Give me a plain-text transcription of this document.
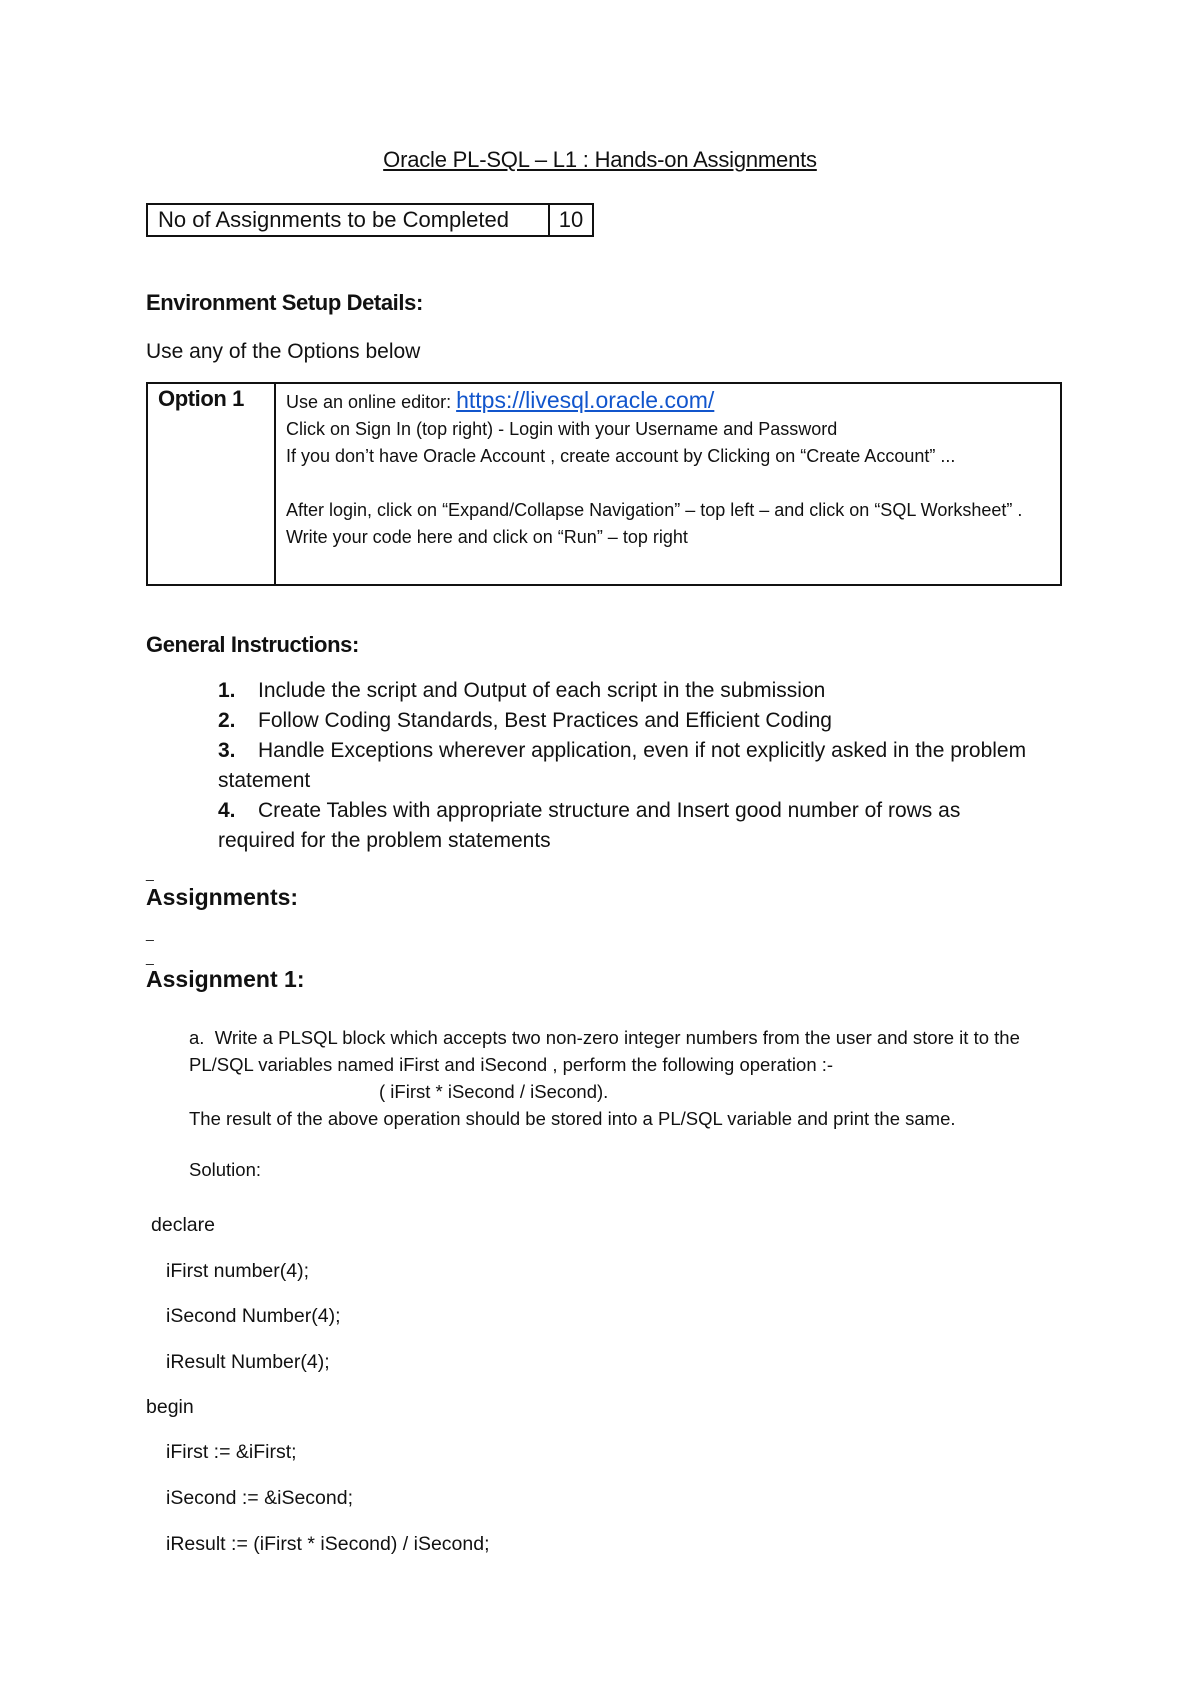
Oracle PL-SQL – L1 : Hands-on Assignments
No of Assignments to be Completed	10
Environment Setup Details:
Use any of the Options below
Option 1	Use an online editor: https://livesql.oracle.com/
Click on Sign In (top right) - Login with your Username and Password
If you don’t have Oracle Account , create account by Clicking on “Create Account” ...
After login, click on “Expand/Collapse Navigation” – top left – and click on “SQL Worksheet” . Write your code here and click on “Run” – top right
General Instructions:
1. Include the script and Output of each script in the submission
2. Follow Coding Standards, Best Practices and Efficient Coding
3. Handle Exceptions wherever application, even if not explicitly asked in the problem statement
4. Create Tables with appropriate structure and Insert good number of rows as required for the problem statements
_
Assignments:
_
_
Assignment 1:
a. Write a PLSQL block which accepts two non-zero integer numbers from the user and store it to the PL/SQL variables named iFirst and iSecond , perform the following operation :-
( iFirst * iSecond / iSecond).
The result of the above operation should be stored into a PL/SQL variable and print the same.
Solution:
declare
iFirst number(4);
iSecond Number(4);
iResult Number(4);
begin
iFirst := &iFirst;
iSecond := &iSecond;
iResult := (iFirst * iSecond) / iSecond;
